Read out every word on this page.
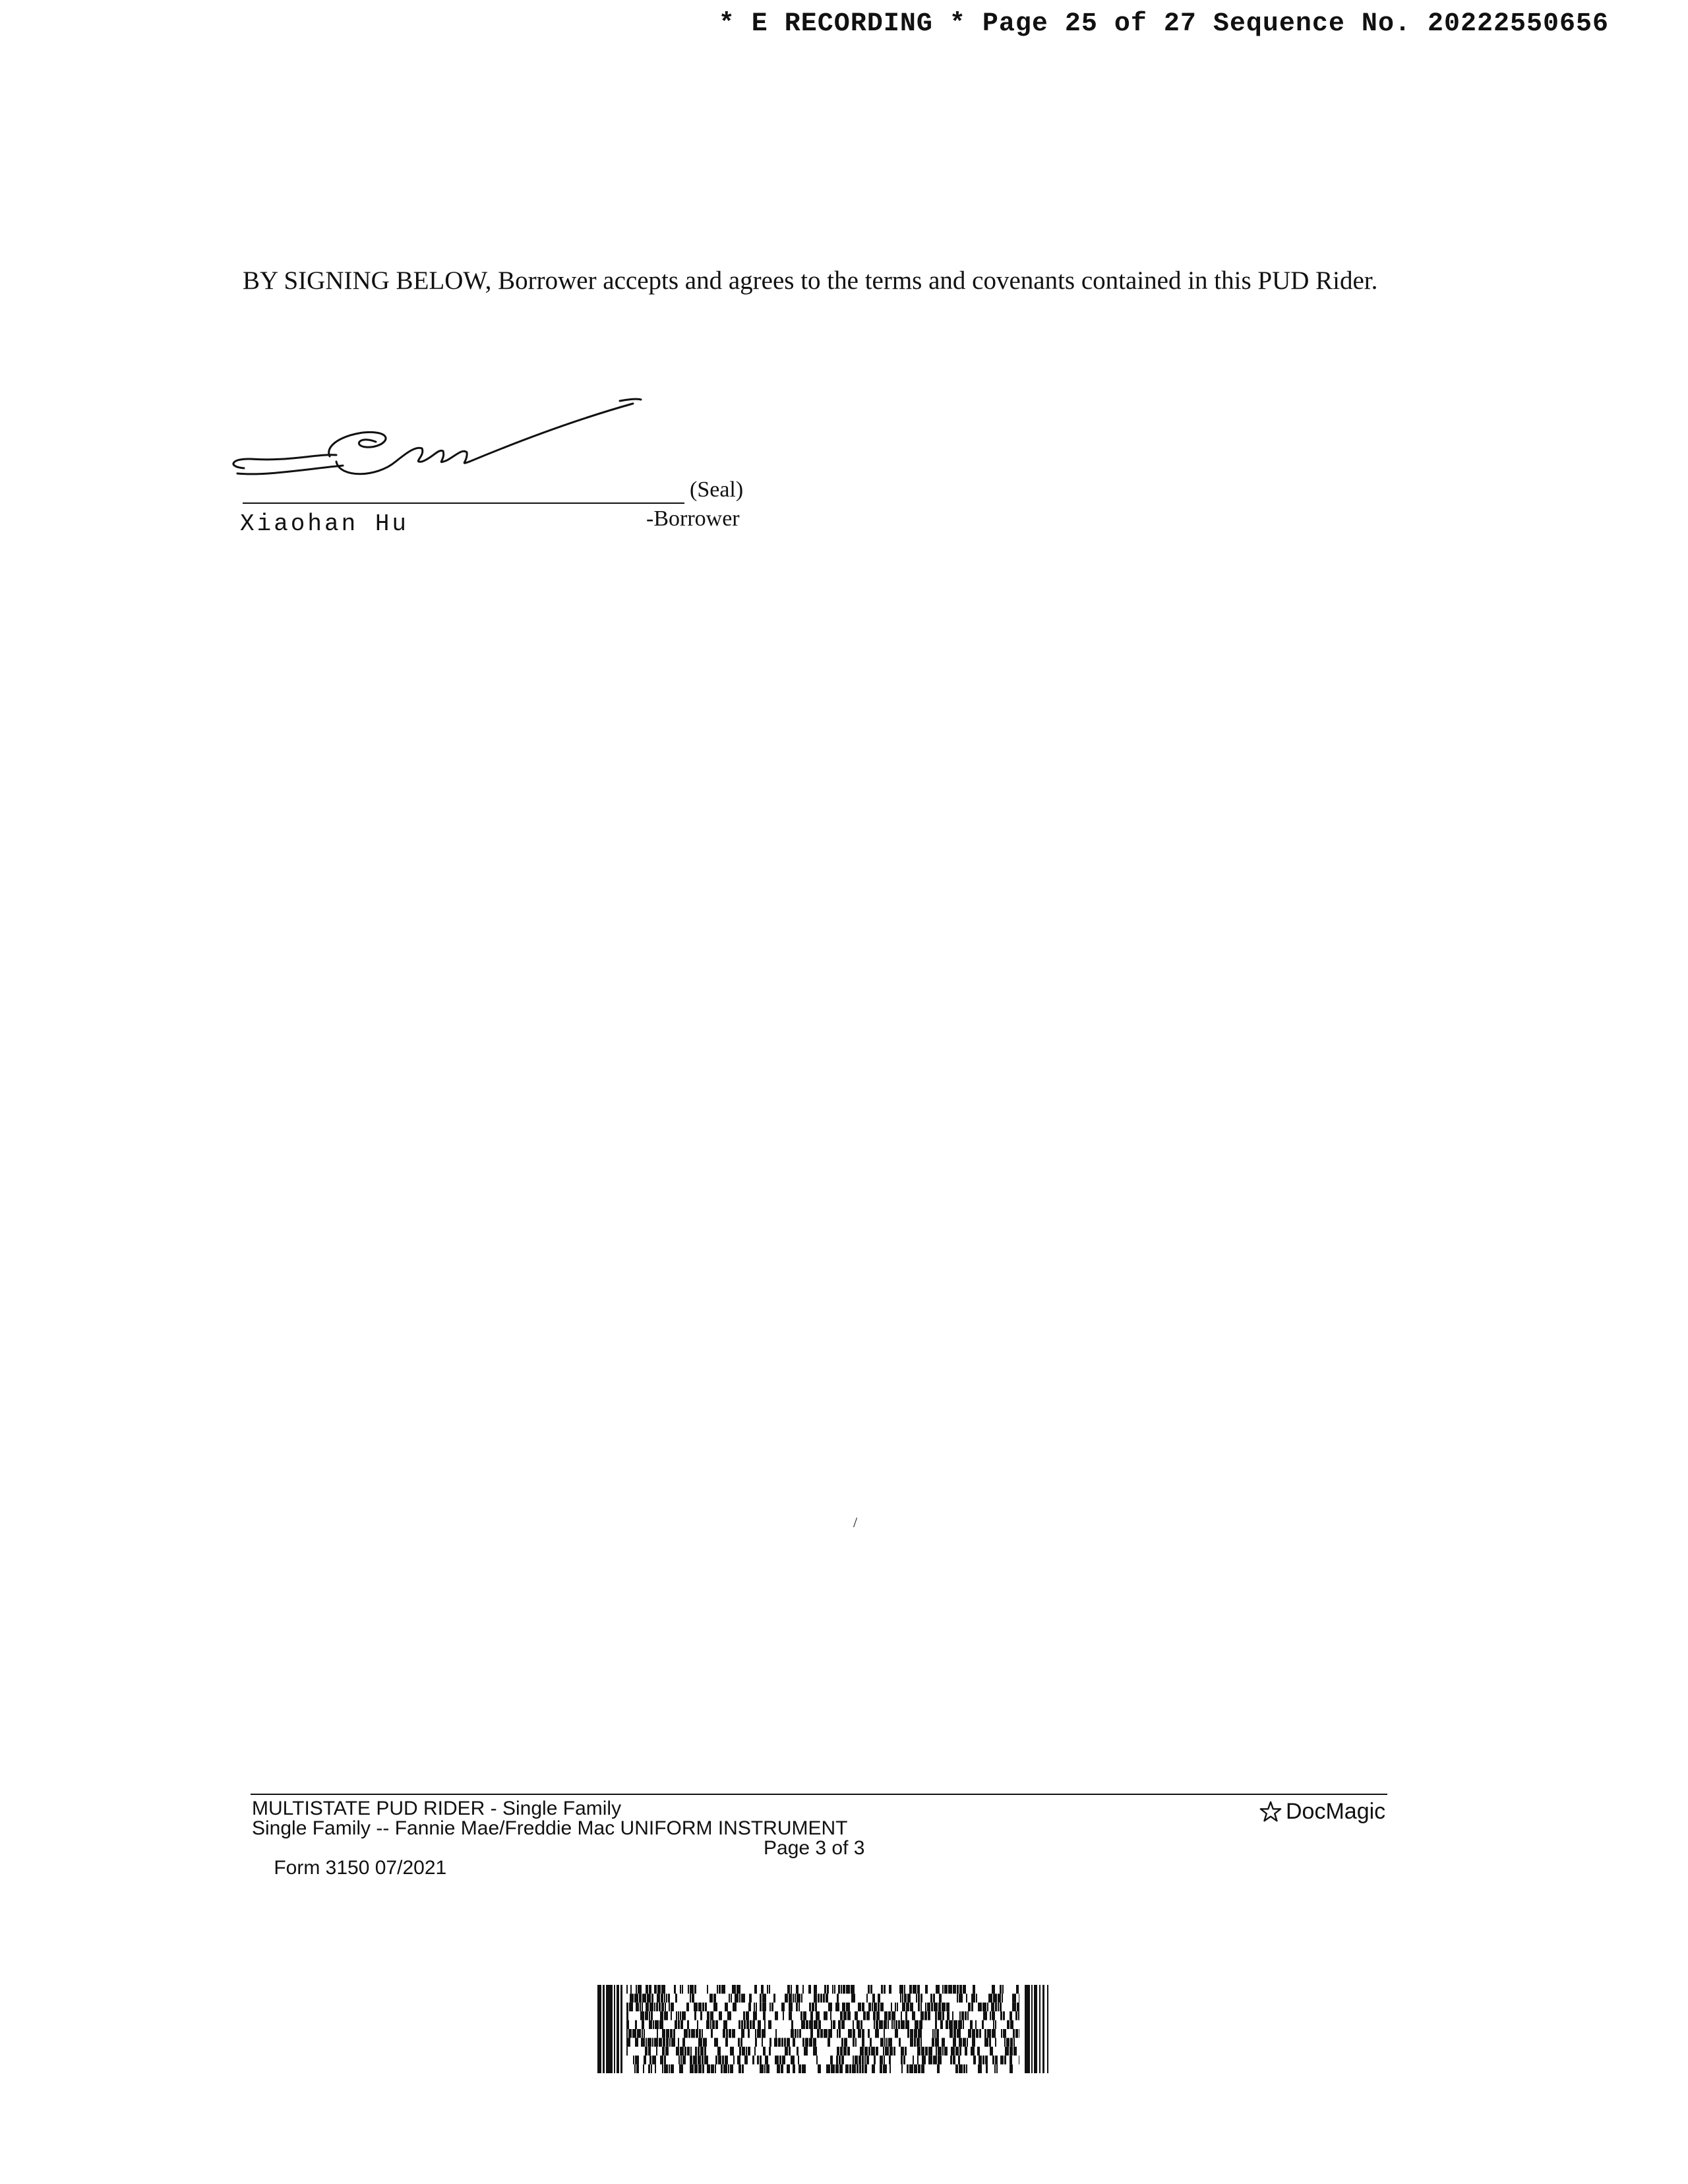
* E RECORDING * Page 25 of 27 Sequence No. 20222550656
BY SIGNING BELOW, Borrower accepts and agrees to the terms and covenants contained in this PUD Rider.
(Seal)
Xiaohan Hu	-Borrower
/
MULTISTATE PUD RIDER - Single Family
Single Family -- Fannie Mae/Freddie Mac UNIFORM INSTRUMENT

Form 3150 07/2021

Page 3 of 3

DocMagic
